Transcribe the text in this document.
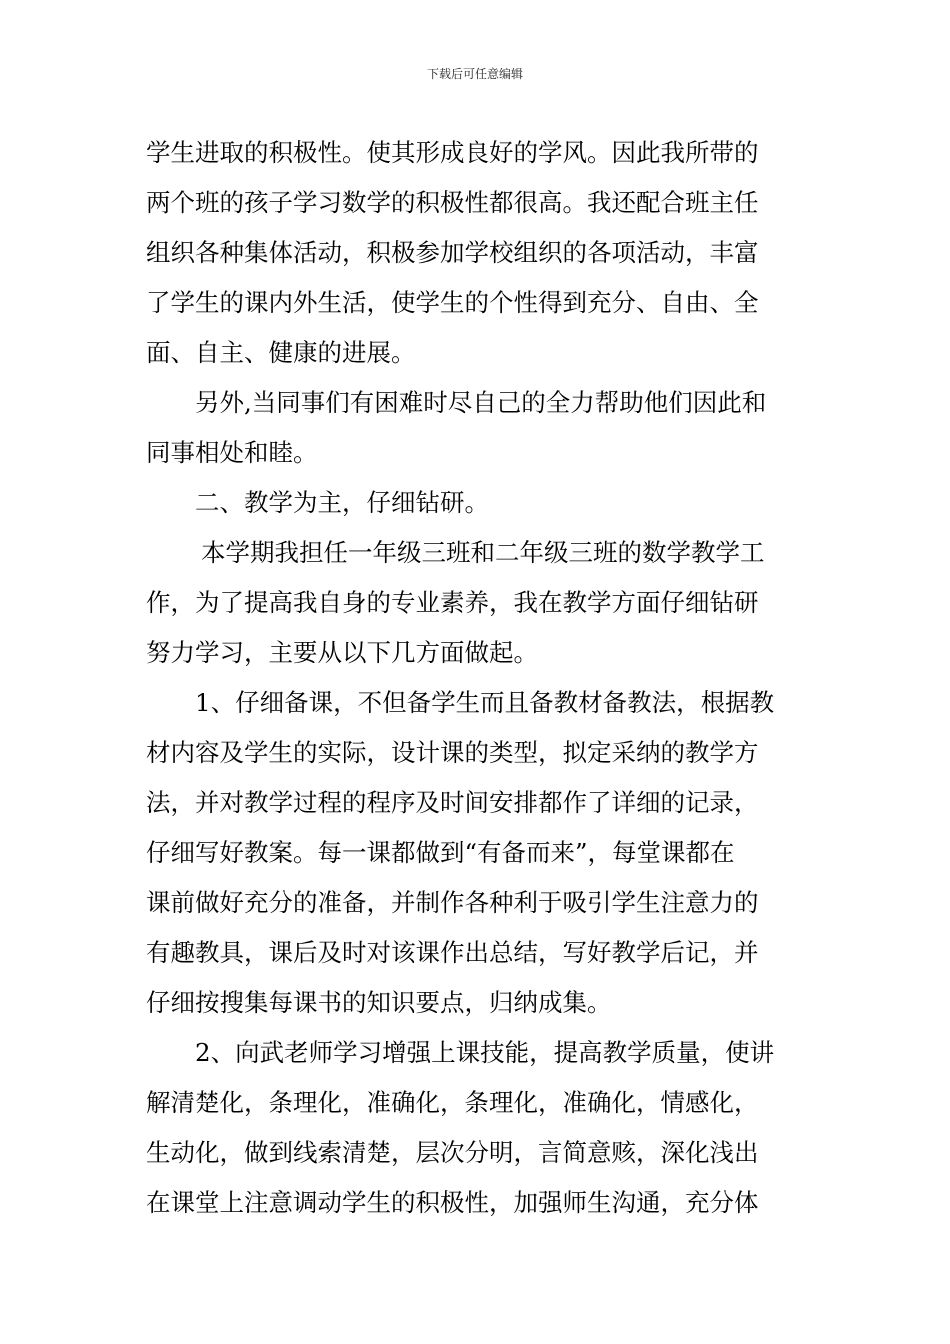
下载后可任意编辑
学生进取的积极性。使其形成良好的学风。因此我所带的
两个班的孩子学习数学的积极性都很高。我还配合班主任
组织各种集体活动，积极参加学校组织的各项活动，丰富
了学生的课内外生活，使学生的个性得到充分、自由、全
面、自主、健康的进展。
另外,当同事们有困难时尽自己的全力帮助他们因此和
同事相处和睦。
二、教学为主，仔细钻研。
本学期我担任一年级三班和二年级三班的数学教学工
作，为了提高我自身的专业素养，我在教学方面仔细钻研
努力学习，主要从以下几方面做起。
1、仔细备课，不但备学生而且备教材备教法，根据教
材内容及学生的实际，设计课的类型，拟定采纳的教学方
法，并对教学过程的程序及时间安排都作了详细的记录，
仔细写好教案。每一课都做到“有备而来”，每堂课都在
课前做好充分的准备，并制作各种利于吸引学生注意力的
有趣教具，课后及时对该课作出总结，写好教学后记，并
仔细按搜集每课书的知识要点，归纳成集。
2、向武老师学习增强上课技能，提高教学质量，使讲
解清楚化，条理化，准确化，条理化，准确化，情感化，
生动化，做到线索清楚，层次分明，言简意赅，深化浅出
在课堂上注意调动学生的积极性，加强师生沟通，充分体
